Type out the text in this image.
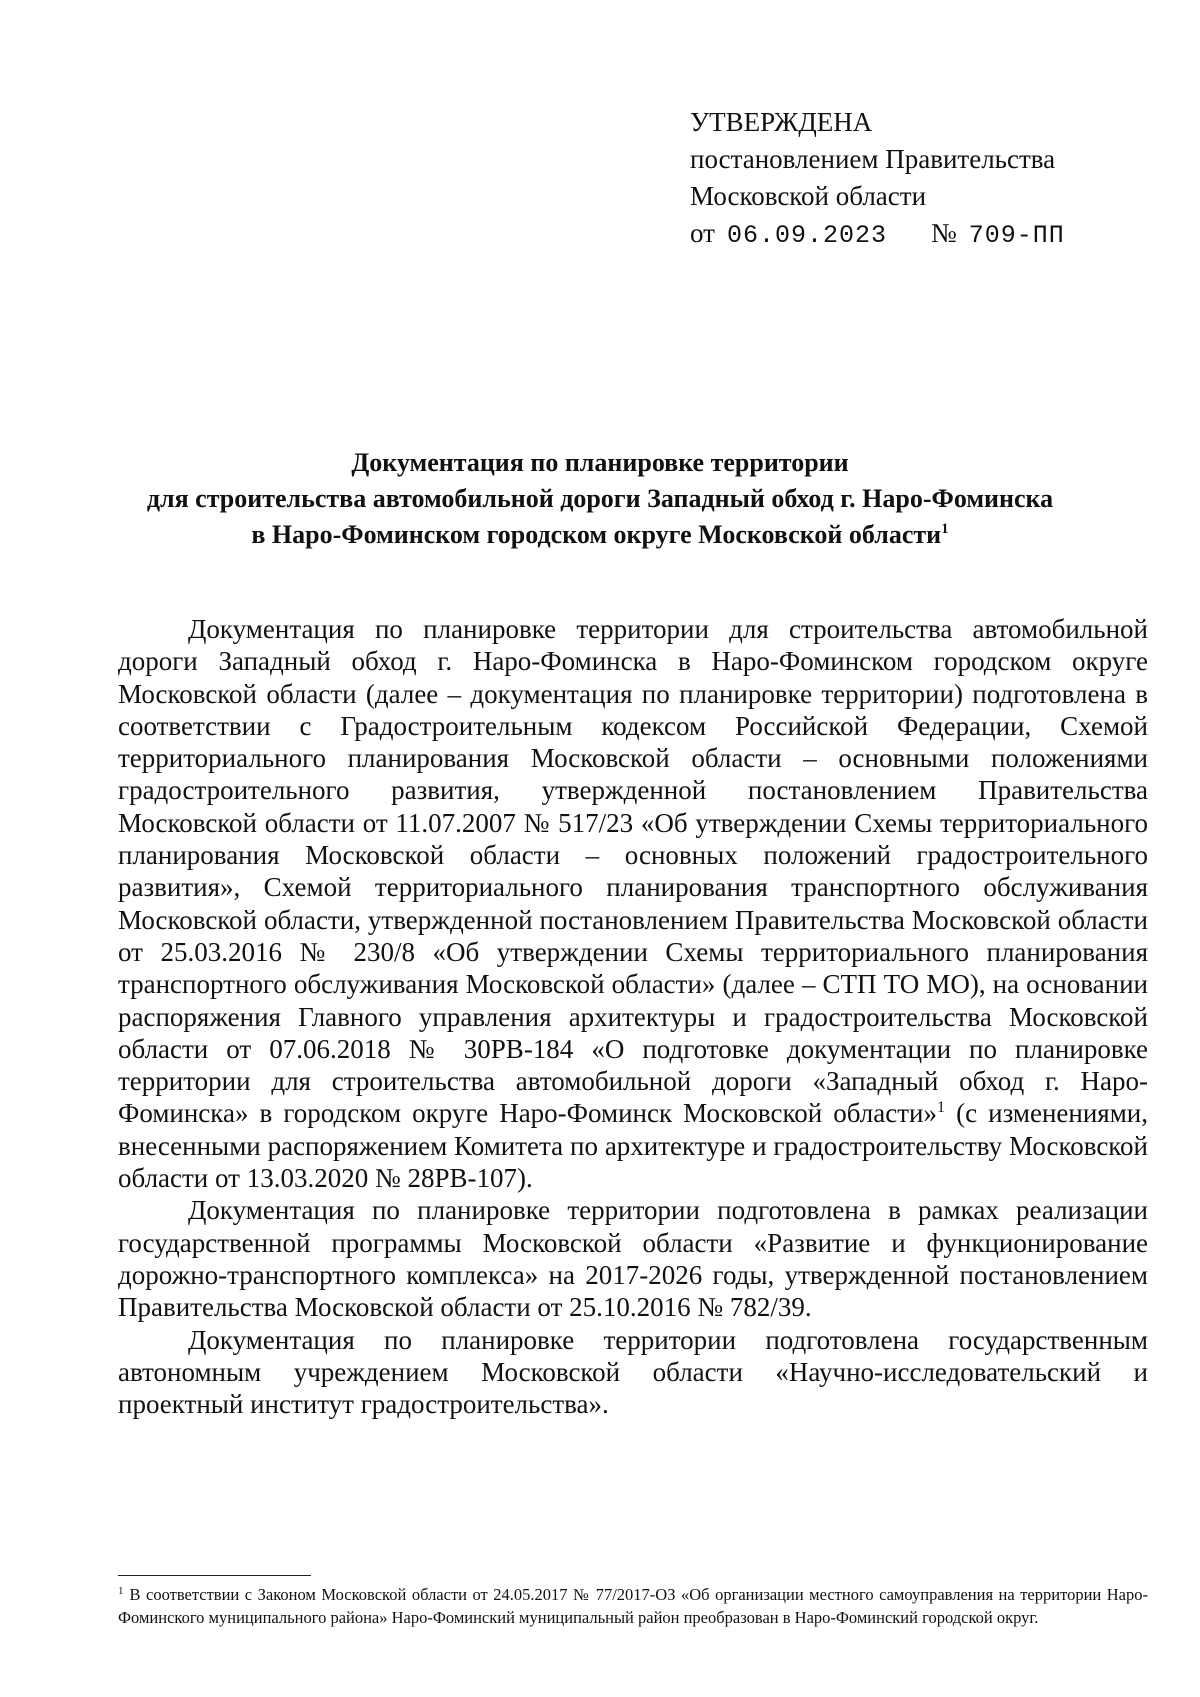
УТВЕРЖДЕНА
постановлением Правительства
Московской области
от 06.09.2023 № 709-ПП
Документация по планировке территории
для строительства автомобильной дороги Западный обход г. Наро-Фоминска
в Наро-Фоминском городском округе Московской области$^1$

Документация по планировке территории для строительства автомобильной дороги Западный обход г. Наро-Фоминска в Наро-Фоминском городском округе Московской области (далее – документация по планировке территории) подготовлена в соответствии с Градостроительным кодексом Российской Федерации, Схемой территориального планирования Московской области – основными положениями градостроительного развития, утвержденной постановлением Правительства Московской области от 11.07.2007 № 517/23 «Об утверждении Схемы территориального планирования Московской области – основных положений градостроительного развития», Схемой территориального планирования транспортного обслуживания Московской области, утвержденной постановлением Правительства Московской области от 25.03.2016 № 230/8 «Об утверждении Схемы территориального планирования транспортного обслуживания Московской области» (далее – СТП ТО МО), на основании распоряжения Главного управления архитектуры и градостроительства Московской области от 07.06.2018 № 30РВ-184 «О подготовке документации по планировке территории для строительства автомобильной дороги «Западный обход г. Наро-Фоминска» в городском округе Наро-Фоминск Московской области»$^1$ (с изменениями, внесенными распоряжением Комитета по архитектуре и градостроительству Московской области от 13.03.2020 № 28РВ-107).

Документация по планировке территории подготовлена в рамках реализации государственной программы Московской области «Развитие и функционирование дорожно-транспортного комплекса» на 2017-2026 годы, утвержденной постановлением Правительства Московской области от 25.10.2016 № 782/39.

Документация по планировке территории подготовлена государственным автономным учреждением Московской области «Научно-исследовательский и проектный институт градостроительства».

$^1$ В соответствии с Законом Московской области от 24.05.2017 № 77/2017-ОЗ «Об организации местного самоуправления на территории Наро-Фоминского муниципального района» Наро-Фоминский муниципальный район преобразован в Наро-Фоминский городской округ.
